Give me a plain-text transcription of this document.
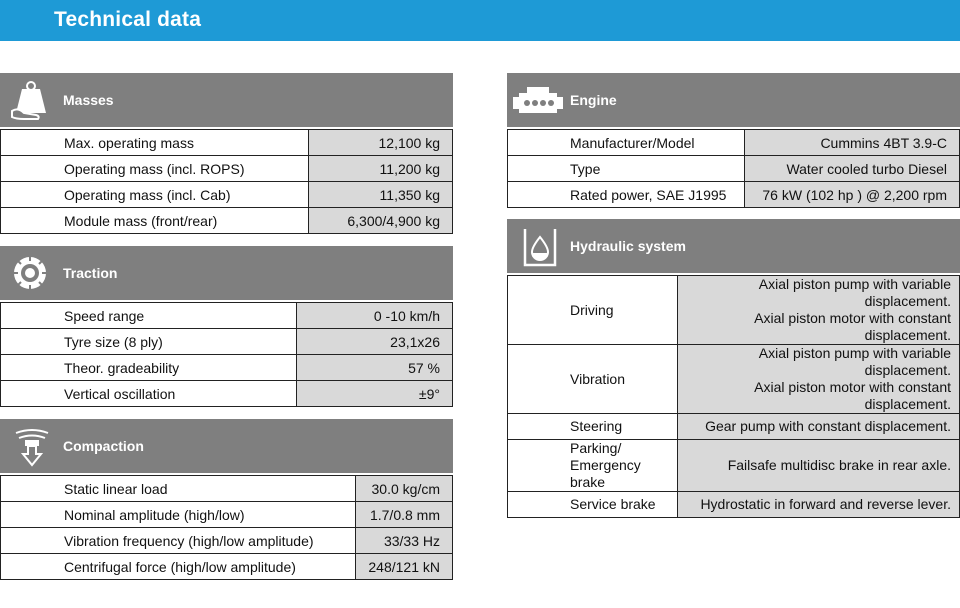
Technical data
Masses
Max. operating mass	12,100 kg
Operating mass (incl. ROPS)	11,200 kg
Operating mass (incl. Cab)	11,350 kg
Module mass (front/rear)	6,300/4,900 kg
Traction
Speed range	0 -10 km/h
Tyre size (8 ply)	23,1x26
Theor. gradeability	57 %
Vertical oscillation	±9°
Compaction
Static linear load	30.0 kg/cm
Nominal amplitude (high/low)	1.7/0.8 mm
Vibration frequency (high/low amplitude)	33/33 Hz
Centrifugal force (high/low amplitude)	248/121 kN
Engine
Manufacturer/Model	Cummins 4BT 3.9-C
Type	Water cooled turbo Diesel
Rated power, SAE J1995	76 kW (102 hp ) @ 2,200 rpm
Hydraulic system
Driving	Axial piston pump with variable displacement.
Axial piston motor with constant displacement.

Vibration	Axial piston pump with variable displacement.
Axial piston motor with constant displacement.

Steering	Gear pump with constant displacement.

Parking/
Emergency brake	Failsafe multidisc brake in rear axle.

Service brake	Hydrostatic in forward and reverse lever.
